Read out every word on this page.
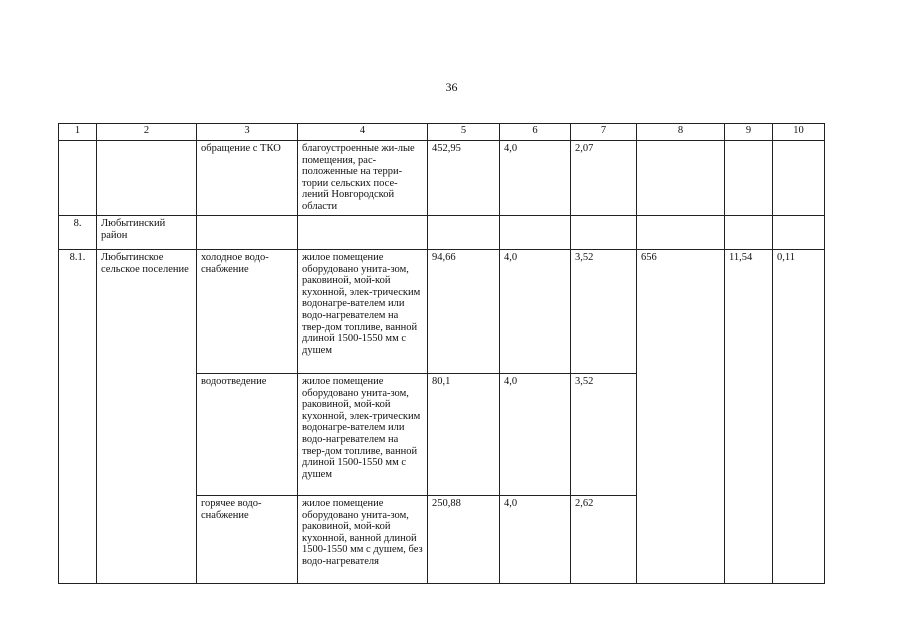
36
1	2	3	4	5	6	7	8	9	10
		обращение с ТКО	благоустроенные жи-лые помещения, рас-положенные на терри-тории сельских посе-лений Новгородской области	452,95	4,0	2,07			
8.	Любытинский район								
8.1.	Любытинское сельское поселение	холодное водо-снабжение	жилое помещение оборудовано унита-зом, раковиной, мой-кой кухонной, элек-трическим водонагре-вателем или водо-нагревателем на твер-дом топливе, ванной длиной 1500-1550 мм с душем	94,66	4,0	3,52	656	11,54	0,11
		водоотведение	жилое помещение оборудовано унита-зом, раковиной, мой-кой кухонной, элек-трическим водонагре-вателем или водо-нагревателем на твер-дом топливе, ванной длиной 1500-1550 мм с душем	80,1	4,0	3,52			
		горячее водо-снабжение	жилое помещение оборудовано унита-зом, раковиной, мой-кой кухонной, ванной длиной 1500-1550 мм с душем, без водо-нагревателя	250,88	4,0	2,62			
